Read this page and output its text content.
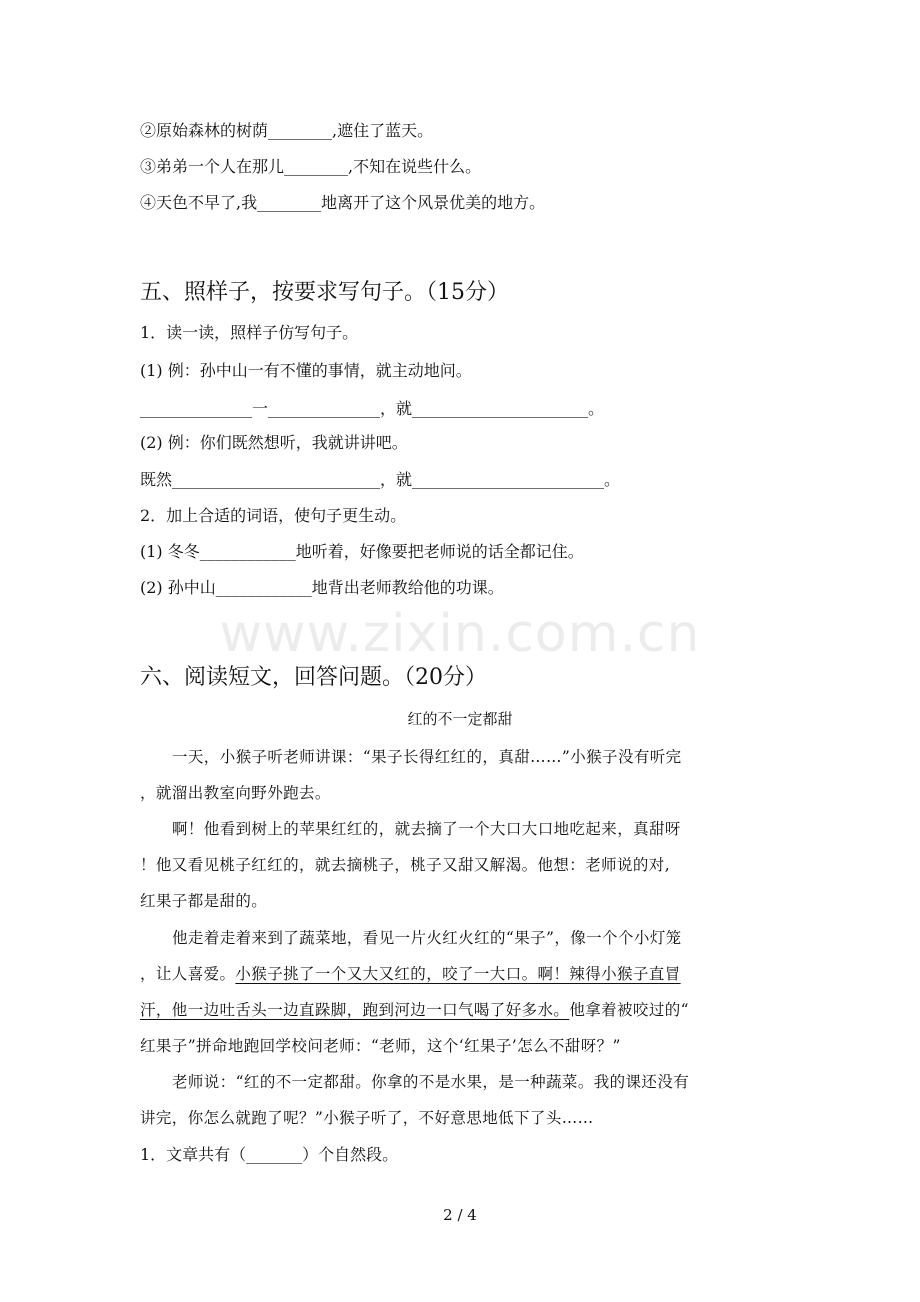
www.zixin.com.cn
②原始森林的树荫________,遮住了蓝天。
③弟弟一个人在那儿________,不知在说些什么。
④天色不早了,我________地离开了这个风景优美的地方。
五、照样子，按要求写句子。（15分）
1．读一读，照样子仿写句子。
(1) 例：孙中山一有不懂的事情，就主动地问。
______________一______________，就______________________。
(2) 例：你们既然想听，我就讲讲吧。
既然__________________________，就________________________。
2．加上合适的词语，使句子更生动。
(1) 冬冬____________地听着，好像要把老师说的话全都记住。
(2) 孙中山____________地背出老师教给他的功课。
六、阅读短文，回答问题。（20分）
红的不一定都甜
一天，小猴子听老师讲课：“果子长得红红的，真甜……”小猴子没有听完
，就溜出教室向野外跑去。
啊！他看到树上的苹果红红的，就去摘了一个大口大口地吃起来，真甜呀
！他又看见桃子红红的，就去摘桃子，桃子又甜又解渴。他想：老师说的对,
红果子都是甜的。
他走着走着来到了蔬菜地，看见一片火红火红的“果子”，像一个个小灯笼
，让人喜爱。小猴子挑了一个又大又红的，咬了一大口。啊！辣得小猴子直冒
汗，他一边吐舌头一边直跺脚，跑到河边一口气喝了好多水。他拿着被咬过的“
红果子”拼命地跑回学校问老师：“老师，这个‘红果子’怎么不甜呀？”
老师说：“红的不一定都甜。你拿的不是水果，是一种蔬菜。我的课还没有
讲完，你怎么就跑了呢？”小猴子听了，不好意思地低下了头……
1．文章共有（_______）个自然段。
2 / 4
